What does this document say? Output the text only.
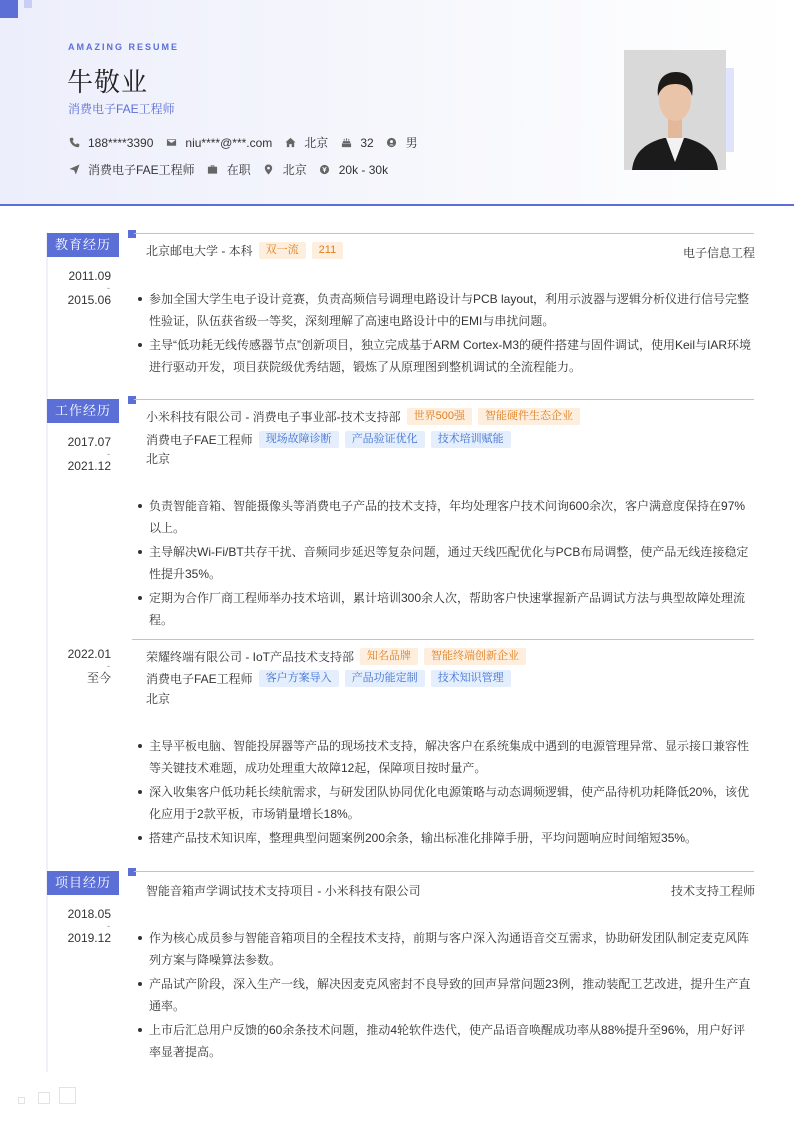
AMAZING RESUME
牛敬业
消费电子FAE工程师
188****3390	niu****@***.com	北京	32	男
消费电子FAE工程师	在职	北京	20k - 30k
教育经历
2011.09
-
2015.06
北京邮电大学 - 本科	双一流	211	电子信息工程
参加全国大学生电子设计竞赛，负责高频信号调理电路设计与PCB layout，利用示波器与逻辑分析仪进行信号完整性验证，队伍获省级一等奖，深刻理解了高速电路设计中的EMI与串扰问题。
主导“低功耗无线传感器节点”创新项目，独立完成基于ARM Cortex-M3的硬件搭建与固件调试，使用Keil与IAR环境进行驱动开发，项目获院级优秀结题，锻炼了从原理图到整机调试的全流程能力。
工作经历
2017.07
-
2021.12
小米科技有限公司 - 消费电子事业部-技术支持部	世界500强	智能硬件生态企业
消费电子FAE工程师	现场故障诊断	产品验证优化	技术培训赋能
北京
负责智能音箱、智能摄像头等消费电子产品的技术支持，年均处理客户技术问询600余次，客户满意度保持在97%以上。
主导解决Wi-Fi/BT共存干扰、音频同步延迟等复杂问题，通过天线匹配优化与PCB布局调整，使产品无线连接稳定性提升35%。
定期为合作厂商工程师举办技术培训，累计培训300余人次，帮助客户快速掌握新产品调试方法与典型故障处理流程。
2022.01
-
至今
荣耀终端有限公司 - IoT产品技术支持部	知名品牌	智能终端创新企业
消费电子FAE工程师	客户方案导入	产品功能定制	技术知识管理
北京
主导平板电脑、智能投屏器等产品的现场技术支持，解决客户在系统集成中遇到的电源管理异常、显示接口兼容性等关键技术难题，成功处理重大故障12起，保障项目按时量产。
深入收集客户低功耗长续航需求，与研发团队协同优化电源策略与动态调频逻辑，使产品待机功耗降低20%，该优化应用于2款平板，市场销量增长18%。
搭建产品技术知识库，整理典型问题案例200余条，输出标准化排障手册，平均问题响应时间缩短35%。
项目经历
2018.05
-
2019.12
智能音箱声学调试技术支持项目 - 小米科技有限公司	技术支持工程师
作为核心成员参与智能音箱项目的全程技术支持，前期与客户深入沟通语音交互需求，协助研发团队制定麦克风阵列方案与降噪算法参数。
产品试产阶段，深入生产一线，解决因麦克风密封不良导致的回声异常问题23例，推动装配工艺改进，提升生产直通率。
上市后汇总用户反馈的60余条技术问题，推动4轮软件迭代，使产品语音唤醒成功率从88%提升至96%，用户好评率显著提高。
